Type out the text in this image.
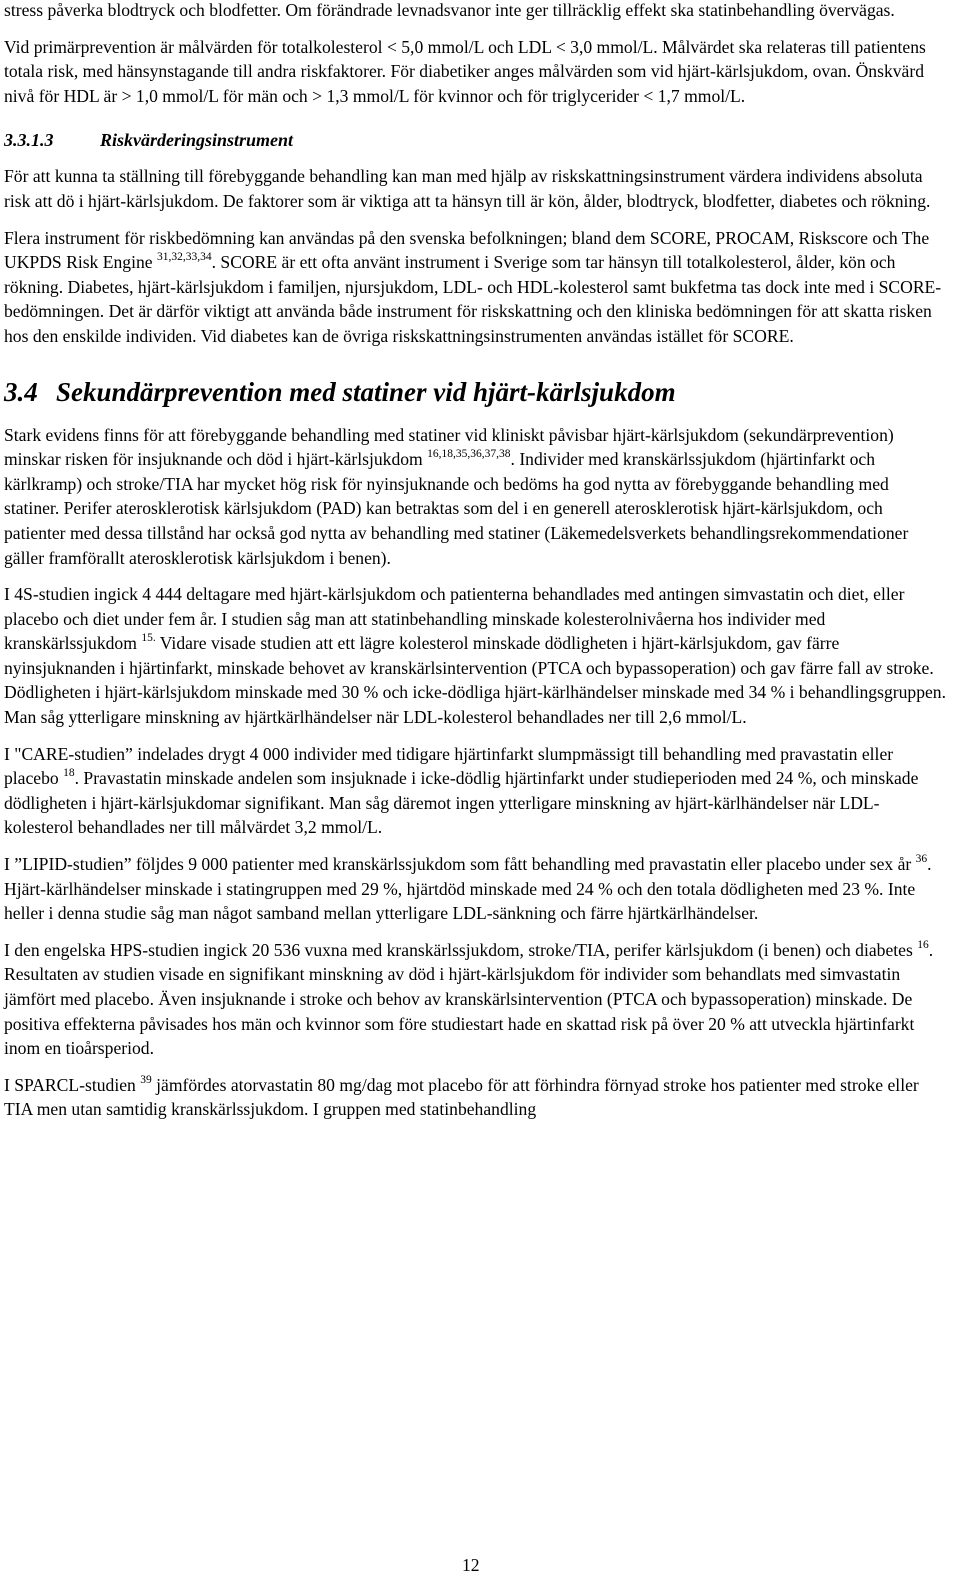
stress påverka blodtryck och blodfetter. Om förändrade levnadsvanor inte ger tillräcklig effekt ska statinbehandling övervägas.

Vid primärprevention är målvärden för totalkolesterol < 5,0 mmol/L och LDL < 3,0 mmol/L. Målvärdet ska relateras till patientens totala risk, med hänsynstagande till andra riskfaktorer. För diabetiker anges målvärden som vid hjärt-kärlsjukdom, ovan. Önskvärd nivå för HDL är > 1,0 mmol/L för män och > 1,3 mmol/L för kvinnor och för triglycerider < 1,7 mmol/L.

3.3.1.3	Riskvärderingsinstrument

För att kunna ta ställning till förebyggande behandling kan man med hjälp av riskskattningsinstrument värdera individens absoluta risk att dö i hjärt-kärlsjukdom. De faktorer som är viktiga att ta hänsyn till är kön, ålder, blodtryck, blodfetter, diabetes och rökning.

Flera instrument för riskbedömning kan användas på den svenska befolkningen; bland dem SCORE, PROCAM, Riskscore och The UKPDS Risk Engine $^{31,32,33,34}$. SCORE är ett ofta använt instrument i Sverige som tar hänsyn till totalkolesterol, ålder, kön och rökning. Diabetes, hjärt-kärlsjukdom i familjen, njursjukdom, LDL- och HDL-kolesterol samt bukfetma tas dock inte med i SCORE-bedömningen. Det är därför viktigt att använda både instrument för riskskattning och den kliniska bedömningen för att skatta risken hos den enskilde individen. Vid diabetes kan de övriga riskskattningsinstrumenten användas istället för SCORE.

3.4 Sekundärprevention med statiner vid hjärt-kärlsjukdom

Stark evidens finns för att förebyggande behandling med statiner vid kliniskt påvisbar hjärt-kärlsjukdom (sekundärprevention) minskar risken för insjuknande och död i hjärt-kärlsjukdom $^{16,18,35,36,37,38}$. Individer med kranskärlssjukdom (hjärtinfarkt och kärlkramp) och stroke/TIA har mycket hög risk för nyinsjuknande och bedöms ha god nytta av förebyggande behandling med statiner. Perifer aterosklerotisk kärlsjukdom (PAD) kan betraktas som del i en generell aterosklerotisk hjärt-kärlsjukdom, och patienter med dessa tillstånd har också god nytta av behandling med statiner (Läkemedelsverkets behandlingsrekommendationer gäller framförallt aterosklerotisk kärlsjukdom i benen).

I 4S-studien ingick 4 444 deltagare med hjärt-kärlsjukdom och patienterna behandlades med antingen simvastatin och diet, eller placebo och diet under fem år. I studien såg man att statinbehandling minskade kolesterolnivåerna hos individer med kranskärlssjukdom $^{15.}$ Vidare visade studien att ett lägre kolesterol minskade dödligheten i hjärt-kärlsjukdom, gav färre nyinsjuknanden i hjärtinfarkt, minskade behovet av kranskärlsintervention (PTCA och bypassoperation) och gav färre fall av stroke. Dödligheten i hjärt-kärlsjukdom minskade med 30 % och icke-dödliga hjärt-kärlhändelser minskade med 34 % i behandlingsgruppen. Man såg ytterligare minskning av hjärtkärlhändelser när LDL-kolesterol behandlades ner till 2,6 mmol/L.

I "CARE-studien” indelades drygt 4 000 individer med tidigare hjärtinfarkt slumpmässigt till behandling med pravastatin eller placebo $^{18}$. Pravastatin minskade andelen som insjuknade i icke-dödlig hjärtinfarkt under studieperioden med 24 %, och minskade dödligheten i hjärt-kärlsjukdomar signifikant. Man såg däremot ingen ytterligare minskning av hjärt-kärlhändelser när LDL-kolesterol behandlades ner till målvärdet 3,2 mmol/L.

I ”LIPID-studien” följdes 9 000 patienter med kranskärlssjukdom som fått behandling med pravastatin eller placebo under sex år $^{36}$. Hjärt-kärlhändelser minskade i statingruppen med 29 %, hjärtdöd minskade med 24 % och den totala dödligheten med 23 %. Inte heller i denna studie såg man något samband mellan ytterligare LDL-sänkning och färre hjärtkärlhändelser.

I den engelska HPS-studien ingick 20 536 vuxna med kranskärlssjukdom, stroke/TIA, perifer kärlsjukdom (i benen) och diabetes $^{16}$. Resultaten av studien visade en signifikant minskning av död i hjärt-kärlsjukdom för individer som behandlats med simvastatin jämfört med placebo. Även insjuknande i stroke och behov av kranskärlsintervention (PTCA och bypassoperation) minskade. De positiva effekterna påvisades hos män och kvinnor som före studiestart hade en skattad risk på över 20 % att utveckla hjärtinfarkt inom en tioårsperiod.

I SPARCL-studien $^{39}$ jämfördes atorvastatin 80 mg/dag mot placebo för att förhindra förnyad stroke hos patienter med stroke eller TIA men utan samtidig kranskärlssjukdom. I gruppen med statinbehandling

12
